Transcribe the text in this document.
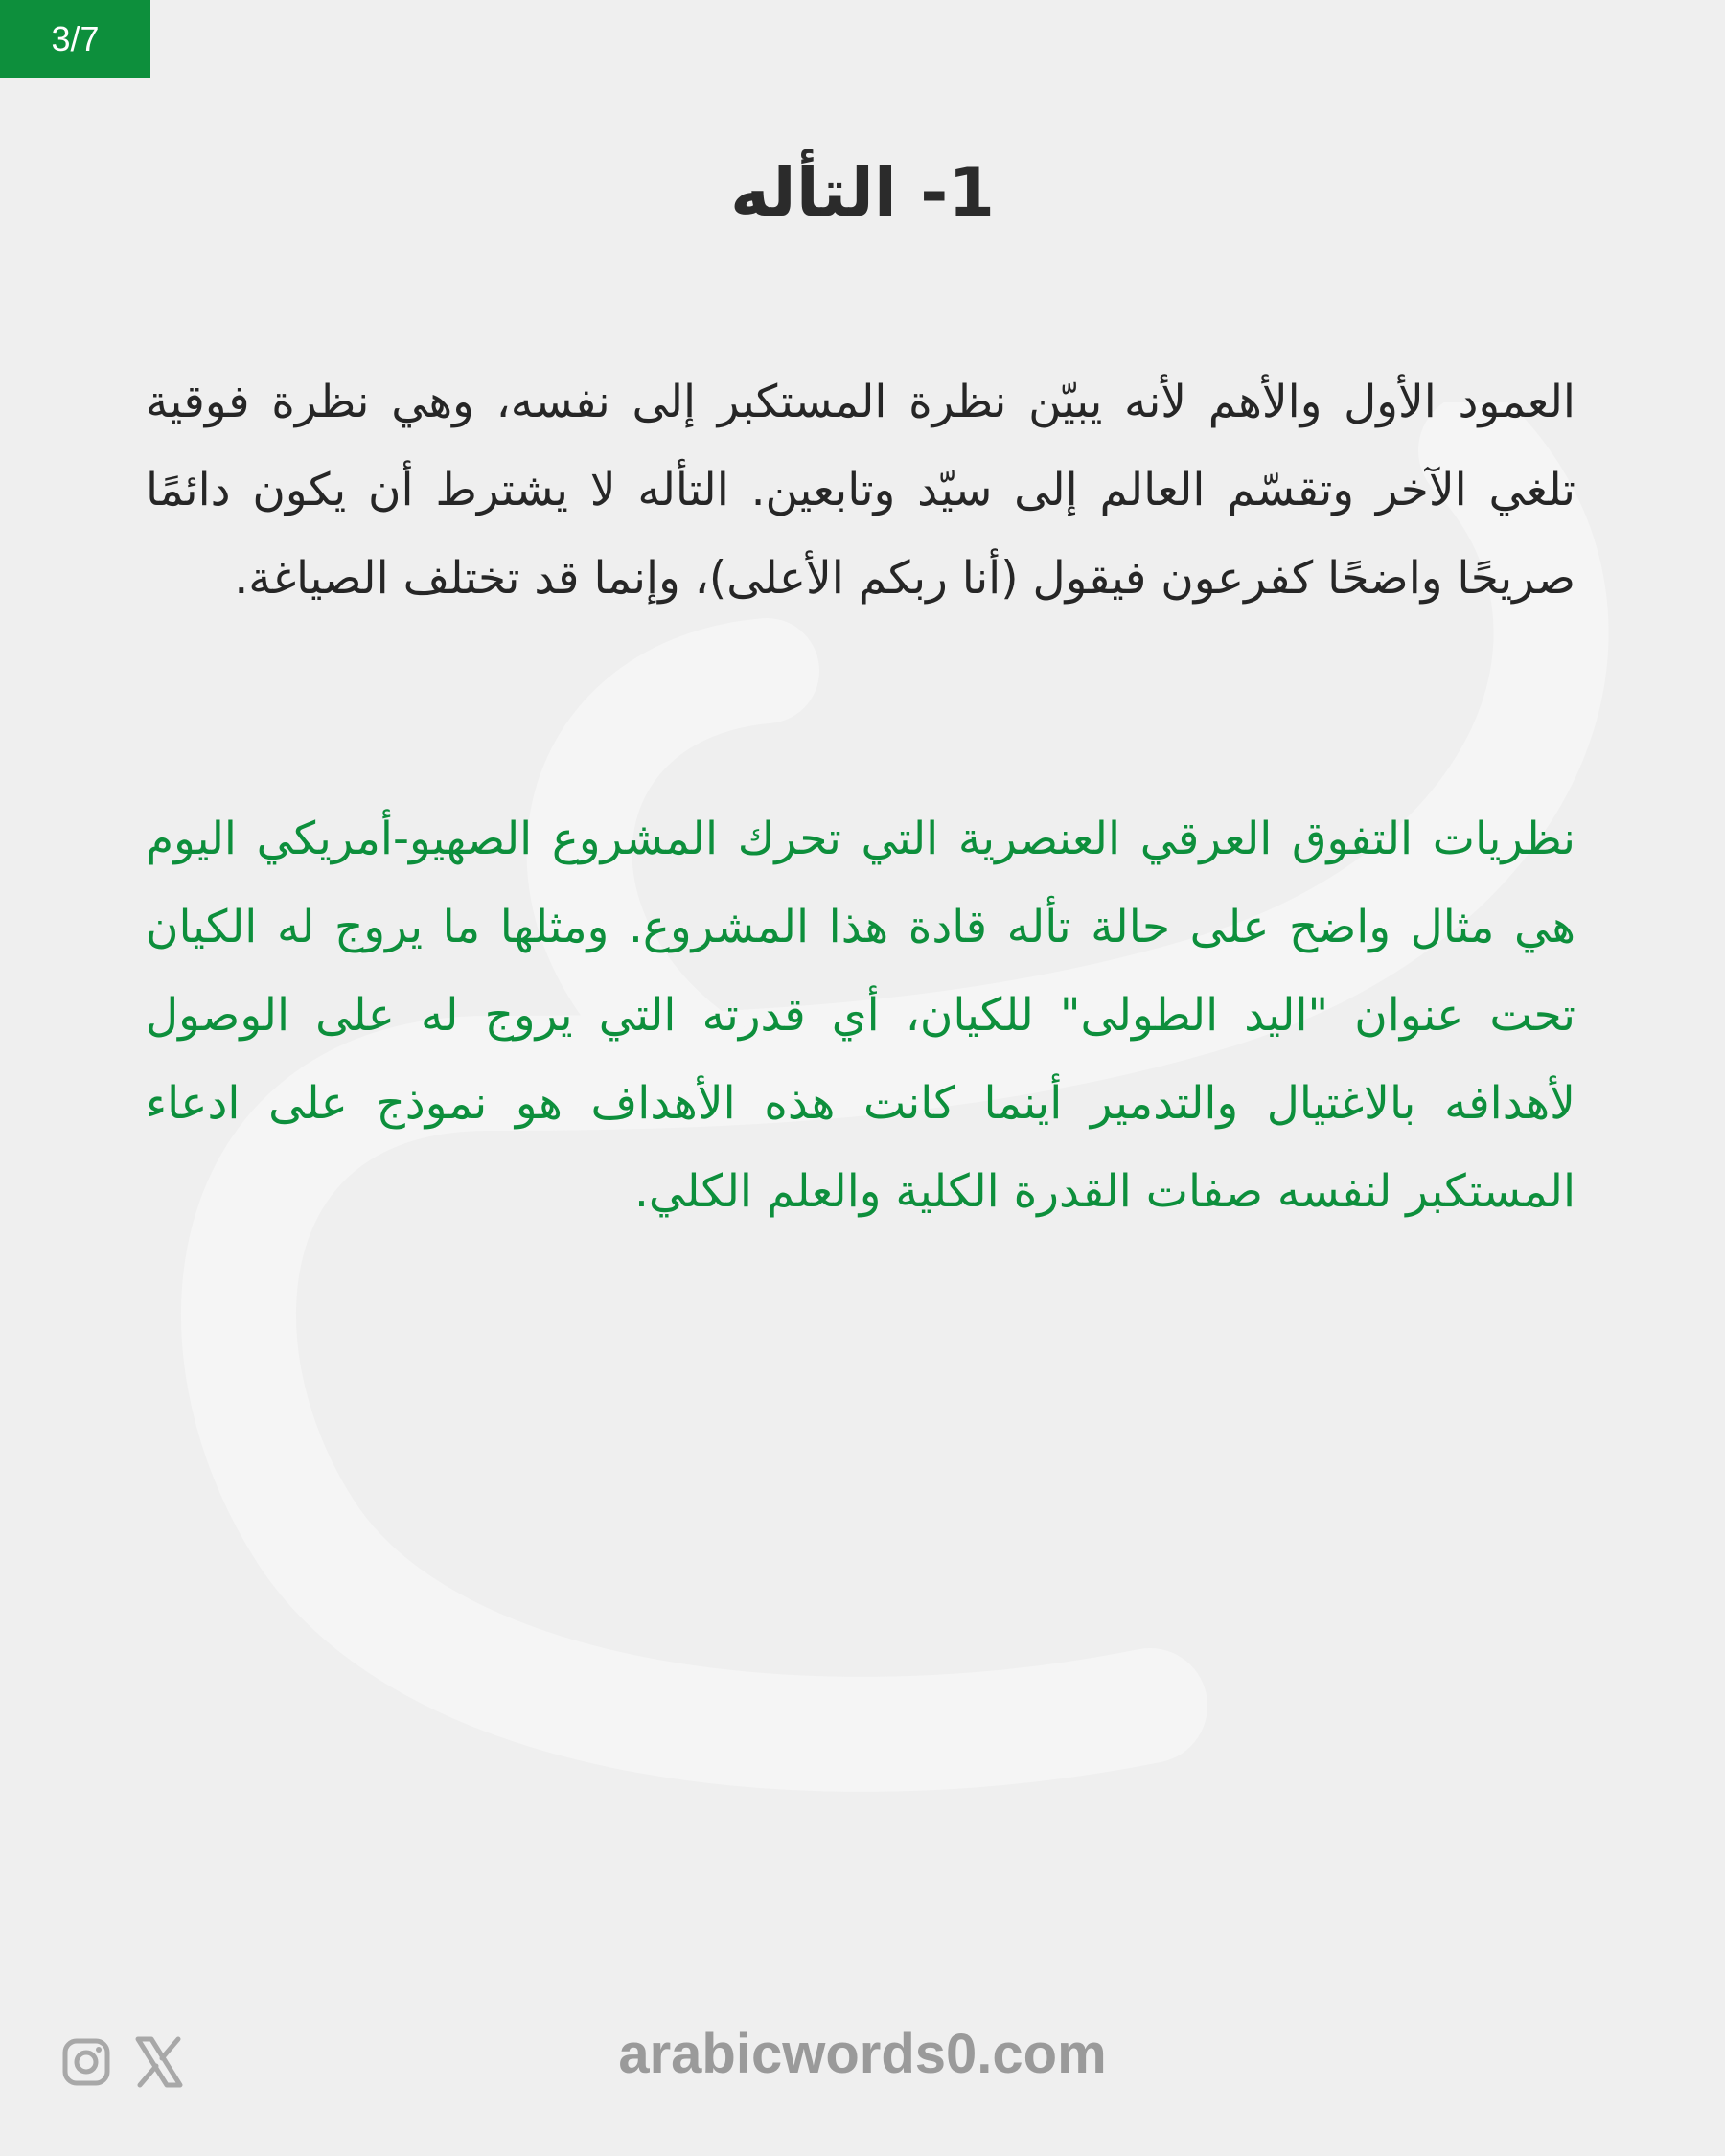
3/7
1- التأله

العمود الأول والأهم لأنه يبيّن نظرة المستكبر إلى نفسه، وهي نظرة فوقية تلغي الآخر وتقسّم العالم إلى سيّد وتابعين. التأله لا يشترط أن يكون دائمًا صريحًا واضحًا كفرعون فيقول (أنا ربكم الأعلى)، وإنما قد تختلف الصياغة.

نظريات التفوق العرقي العنصرية التي تحرك المشروع الصهيو-أمريكي اليوم هي مثال واضح على حالة تأله قادة هذا المشروع. ومثلها ما يروج له الكيان تحت عنوان "اليد الطولى" للكيان، أي قدرته التي يروج له على الوصول لأهدافه بالاغتيال والتدمير أينما كانت هذه الأهداف هو نموذج على ادعاء المستكبر لنفسه صفات القدرة الكلية والعلم الكلي.

arabicwords0.com
